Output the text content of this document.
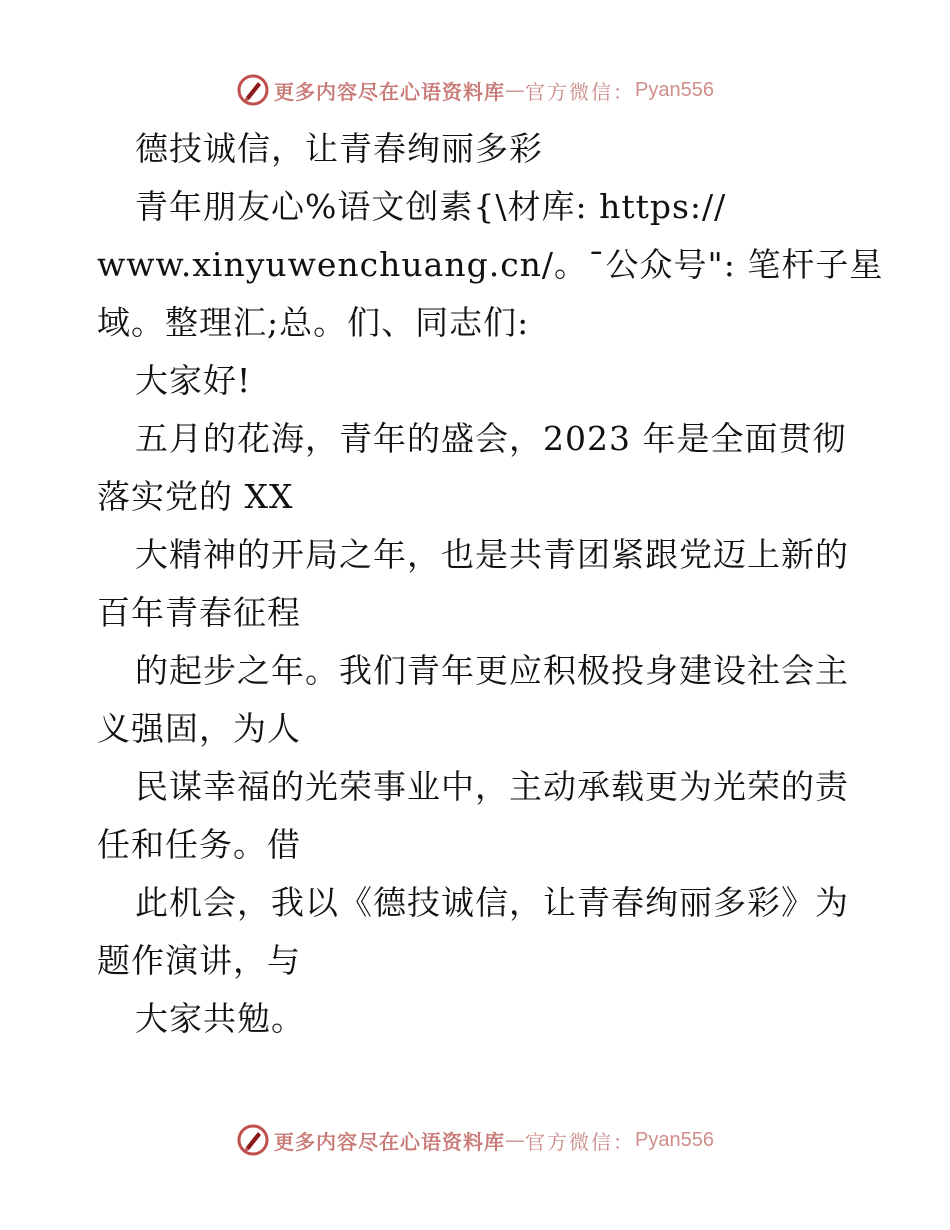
更多内容尽在心语资料库 — 官方微信： Pyan556
德技诚信，让青春绚丽多彩
青年朋友心%语文创素{\材库: https://
www.xinyuwenchuang.cn/。¯公众号": 笔杆子星
域。整理汇;总。们、同志们:
大家好!
五月的花海，青年的盛会，2023 年是全面贯彻
落实党的 XX
大精神的开局之年，也是共青团紧跟党迈上新的
百年青春征程
的起步之年。我们青年更应积极投身建设社会主
义强固，为人
民谋幸福的光荣事业中，主动承载更为光荣的责
任和任务。借
此机会，我以《德技诚信，让青春绚丽多彩》为
题作演讲，与
大家共勉。
更多内容尽在心语资料库 — 官方微信： Pyan556
